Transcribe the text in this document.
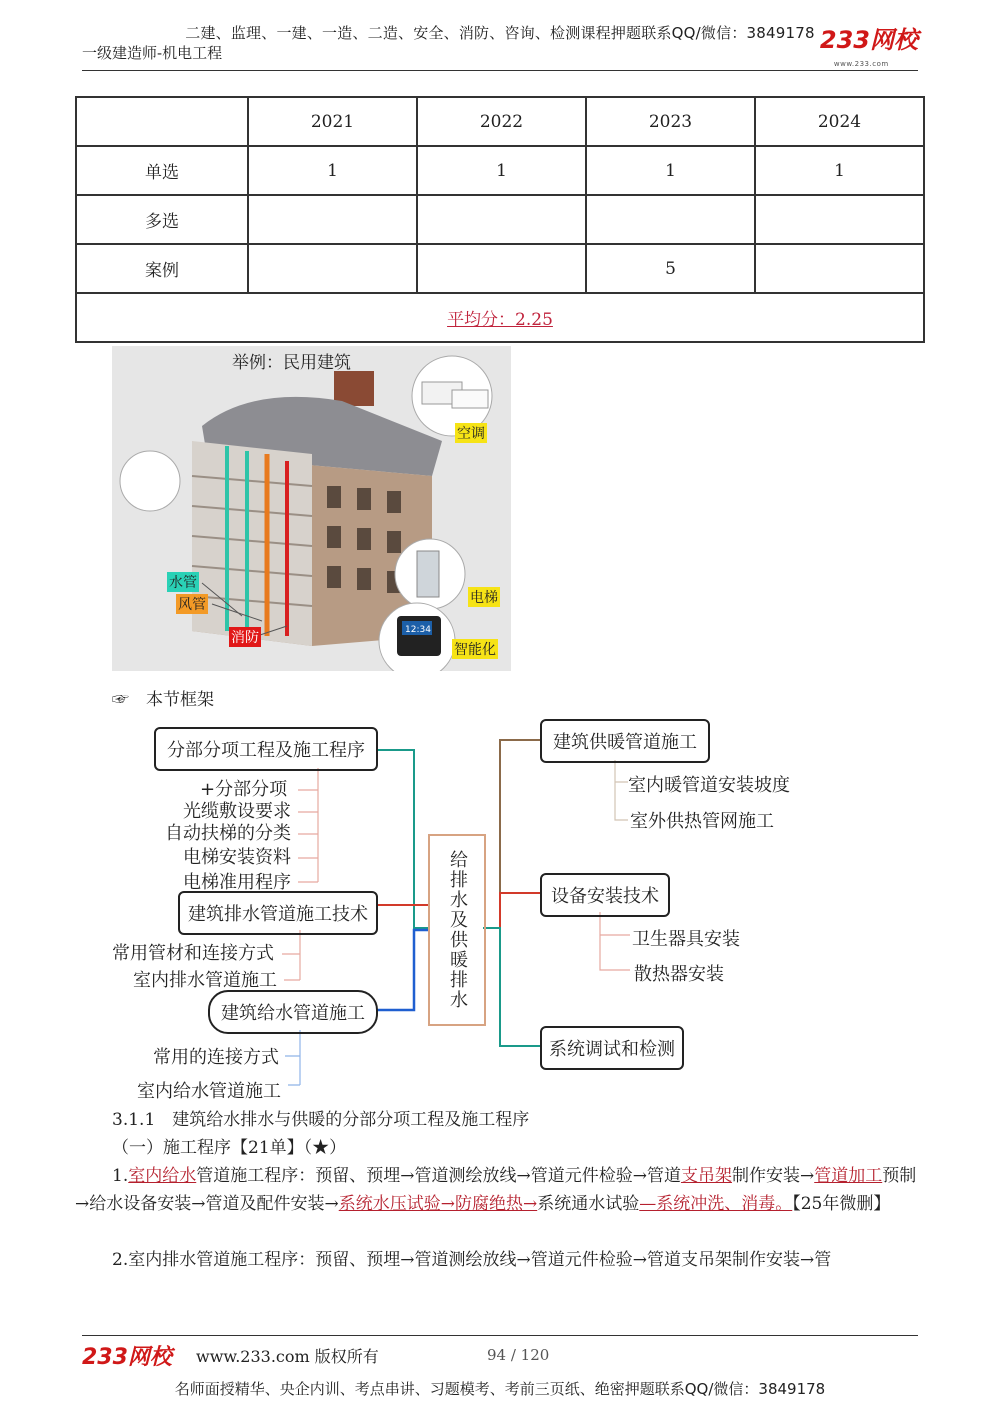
二建、监理、一建、一造、二造、安全、消防、咨询、检测课程押题联系QQ/微信：3849178
一级建造师-机电工程	233网校
www.233.com
	2021	2022	2023	2024
单选	1	1	1	1
多选				
案例			5	
平均分：2.25				
12:34
举例：民用建筑
空调
水管
风管
消防
电梯
智能化
☞　本节框架
给排水及供暖排水
分部分项工程及施工程序
+分部分项
光缆敷设要求
自动扶梯的分类
电梯安装资料
电梯准用程序
建筑排水管道施工技术
常用管材和连接方式
室内排水管道施工
建筑给水管道施工
常用的连接方式
室内给水管道施工
建筑供暖管道施工
室内暖管道安装坡度
室外供热管网施工
设备安装技术
卫生器具安装
散热器安装
系统调试和检测
3.1.1　建筑给水排水与供暖的分部分项工程及施工程序
（一）施工程序【21单】（★）
1.室内给水管道施工程序：预留、预埋→管道测绘放线→管道元件检验→管道支吊架制作安装→管道加工预制→给水设备安装→管道及配件安装→系统水压试验→防腐绝热→系统通水试验—系统冲洗、消毒。【25年微删】
2.室内排水管道施工程序：预留、预埋→管道测绘放线→管道元件检验→管道支吊架制作安装→管
233网校 www.233.com 版权所有	94 / 120
名师面授精华、央企内训、考点串讲、习题模考、考前三页纸、绝密押题联系QQ/微信：3849178
